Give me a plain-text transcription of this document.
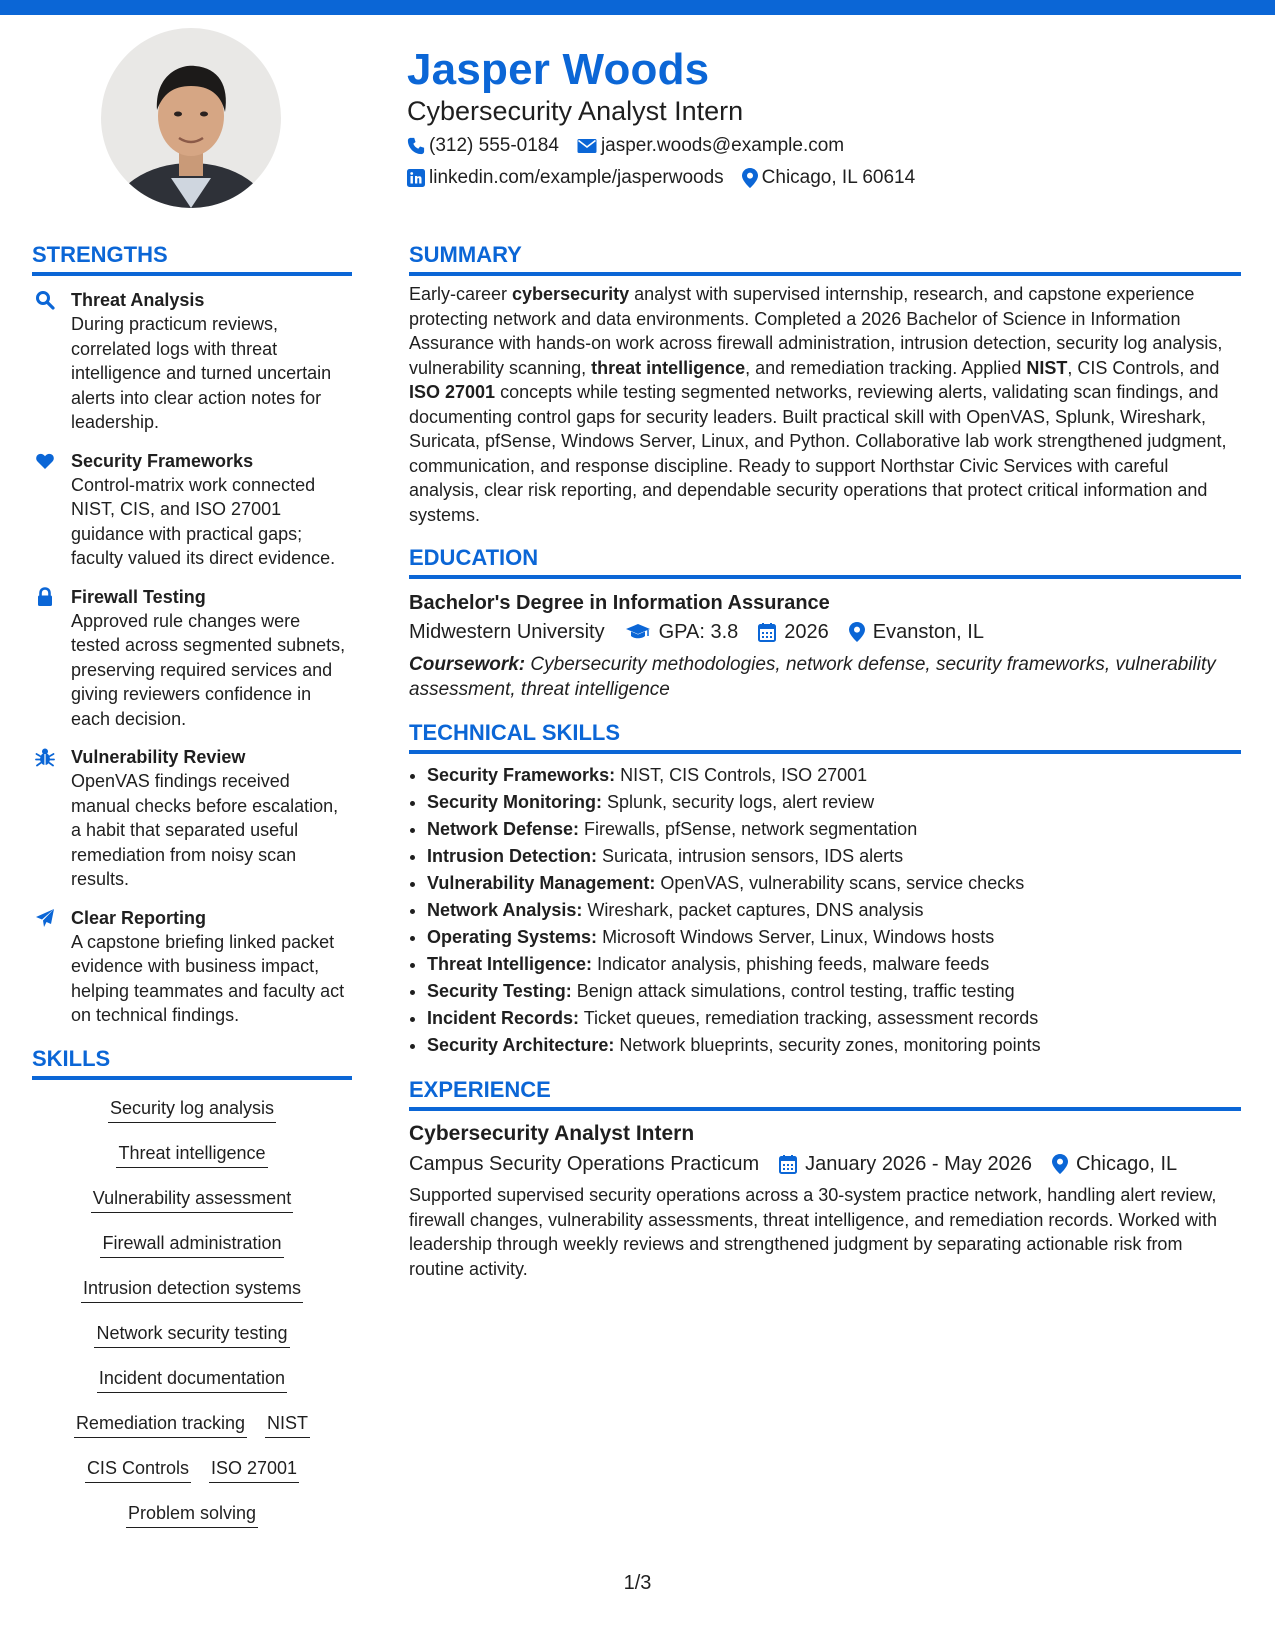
Jasper Woods
Cybersecurity Analyst Intern
(312) 555-0184 jasper.woods@example.com
linkedin.com/example/jasperwoods Chicago, IL 60614
STRENGTHS
Threat Analysis
During practicum reviews, correlated logs with threat intelligence and turned uncertain alerts into clear action notes for leadership.
Security Frameworks
Control-matrix work connected NIST, CIS, and ISO 27001 guidance with practical gaps; faculty valued its direct evidence.
Firewall Testing
Approved rule changes were tested across segmented subnets, preserving required services and giving reviewers confidence in each decision.
Vulnerability Review
OpenVAS findings received manual checks before escalation, a habit that separated useful remediation from noisy scan results.
Clear Reporting
A capstone briefing linked packet evidence with business impact, helping teammates and faculty act on technical findings.
SKILLS
Security log analysis
Threat intelligence
Vulnerability assessment
Firewall administration
Intrusion detection systems
Network security testing
Incident documentation
Remediation tracking NIST
CIS Controls ISO 27001
Problem solving
SUMMARY
Early-career cybersecurity analyst with supervised internship, research, and capstone experience protecting network and data environments. Completed a 2026 Bachelor of Science in Information Assurance with hands-on work across firewall administration, intrusion detection, security log analysis, vulnerability scanning, threat intelligence, and remediation tracking. Applied NIST, CIS Controls, and ISO 27001 concepts while testing segmented networks, reviewing alerts, validating scan findings, and documenting control gaps for security leaders. Built practical skill with OpenVAS, Splunk, Wireshark, Suricata, pfSense, Windows Server, Linux, and Python. Collaborative lab work strengthened judgment, communication, and response discipline. Ready to support Northstar Civic Services with careful analysis, clear risk reporting, and dependable security operations that protect critical information and systems.
EDUCATION
Bachelor's Degree in Information Assurance
Midwestern University	GPA: 3.8 2026 Evanston, IL
Coursework: Cybersecurity methodologies, network defense, security frameworks, vulnerability assessment, threat intelligence
TECHNICAL SKILLS
• Security Frameworks: NIST, CIS Controls, ISO 27001
• Security Monitoring: Splunk, security logs, alert review
• Network Defense: Firewalls, pfSense, network segmentation
• Intrusion Detection: Suricata, intrusion sensors, IDS alerts
• Vulnerability Management: OpenVAS, vulnerability scans, service checks
• Network Analysis: Wireshark, packet captures, DNS analysis
• Operating Systems: Microsoft Windows Server, Linux, Windows hosts
• Threat Intelligence: Indicator analysis, phishing feeds, malware feeds
• Security Testing: Benign attack simulations, control testing, traffic testing
• Incident Records: Ticket queues, remediation tracking, assessment records
• Security Architecture: Network blueprints, security zones, monitoring points
EXPERIENCE
Cybersecurity Analyst Intern
Campus Security Operations Practicum January 2026 - May 2026 Chicago, IL
Supported supervised security operations across a 30-system practice network, handling alert review, firewall changes, vulnerability assessments, threat intelligence, and remediation records. Worked with leadership through weekly reviews and strengthened judgment by separating actionable risk from routine activity.
1/3
